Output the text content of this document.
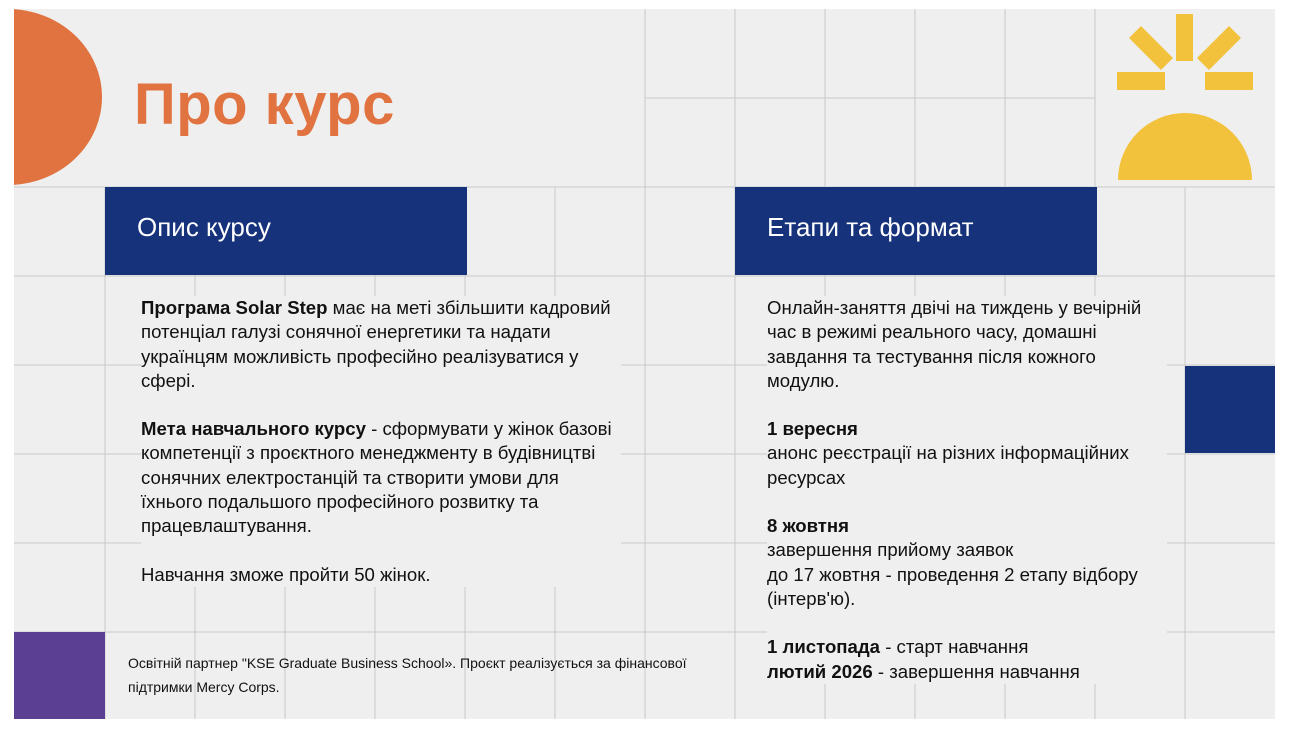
Про курс
Опис курсу

Програма Solar Step має на меті збільшити кадровий потенціал галузі сонячної енергетики та надати українцям можливість професійно реалізуватися у сфері.

Мета навчального курсу - сформувати у жінок базові компетенції з проєктного менеджменту в будівництві сонячних електростанцій та створити умови для їхнього подальшого професійного розвитку та працевлаштування.

Навчання зможе пройти 50 жінок.

Етапи та формат

Онлайн-заняття двічі на тиждень у вечірній час в режимі реального часу, домашні завдання та тестування після кожного модулю.

1 вересня

анонс реєстрації на різних інформаційних ресурсах

8 жовтня

завершення прийому заявок

до 17 жовтня - проведення 2 етапу відбору (інтерв'ю).

1 листопада - старт навчання

лютий 2026 - завершення навчання

Освітній партнер "KSE Graduate Business School». Проєкт реалізується за фінансової підтримки Mercy Corps.
